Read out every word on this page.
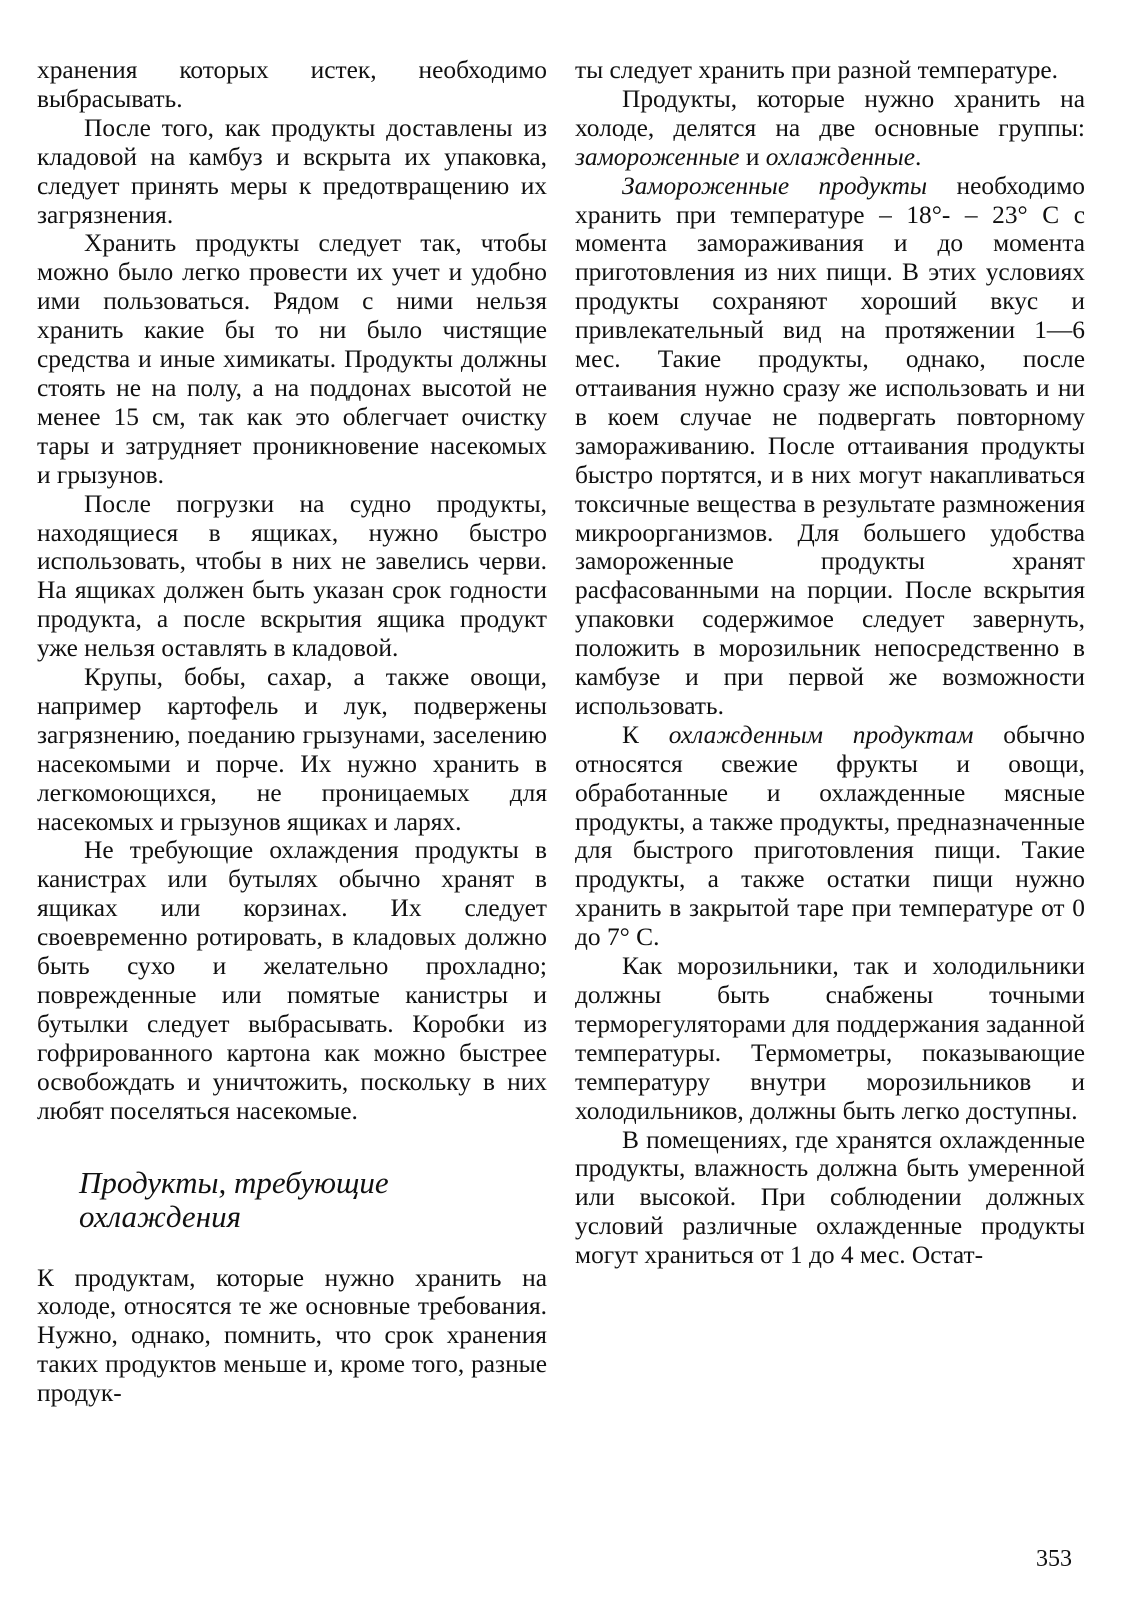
хранения которых истек, необходимо выбрасывать.

После того, как продукты доставлены из кладовой на камбуз и вскрыта их упаковка, следует принять меры к предотвращению их загрязнения.

Хранить продукты следует так, чтобы можно было легко провести их учет и удобно ими пользоваться. Рядом с ними нельзя хранить какие бы то ни было чистящие средства и иные химикаты. Продукты должны стоять не на полу, а на поддонах высотой не менее 15 см, так как это облегчает очистку тары и затрудняет проникновение насекомых и грызунов.

После погрузки на судно продукты, находящиеся в ящиках, нужно быстро использовать, чтобы в них не завелись черви. На ящиках должен быть указан срок годности продукта, а после вскрытия ящика продукт уже нельзя оставлять в кладовой.

Крупы, бобы, сахар, а также овощи, например картофель и лук, подвержены загрязнению, поеданию грызунами, заселению насекомыми и порче. Их нужно хранить в легкомоющихся, не проницаемых для насекомых и грызунов ящиках и ларях.

Не требующие охлаждения продукты в канистрах или бутылях обычно хранят в ящиках или корзинах. Их следует своевременно ротировать, в кладовых должно быть сухо и желательно прохладно; поврежденные или помятые канистры и бутылки следует выбрасывать. Коробки из гофрированного картона как можно быстрее освобождать и уничтожить, поскольку в них любят поселяться насекомые.

Продукты, требующие
охлаждения

К продуктам, которые нужно хранить на холоде, относятся те же основные требования. Нужно, однако, помнить, что срок хранения таких продуктов меньше и, кроме того, разные продук-

ты следует хранить при разной температуре.

Продукты, которые нужно хранить на холоде, делятся на две основные группы: замороженные и охлажденные.

Замороженные продукты необходимо хранить при температуре – 18°- – 23° С с момента замораживания и до момента приготовления из них пищи. В этих условиях продукты сохраняют хороший вкус и привлекательный вид на протяжении 1—6 мес. Такие продукты, однако, после оттаивания нужно сразу же использовать и ни в коем случае не подвергать повторному замораживанию. После оттаивания продукты быстро портятся, и в них могут накапливаться токсичные вещества в результате размножения микроорганизмов. Для большего удобства замороженные продукты хранят расфасованными на порции. После вскрытия упаковки содержимое следует завернуть, положить в морозильник непосредственно в камбузе и при первой же возможности использовать.

К охлажденным продуктам обычно относятся свежие фрукты и овощи, обработанные и охлажденные мясные продукты, а также продукты, предназначенные для быстрого приготовления пищи. Такие продукты, а также остатки пищи нужно хранить в закрытой таре при температуре от 0 до 7° С.

Как морозильники, так и холодильники должны быть снабжены точными терморегуляторами для поддержания заданной температуры. Термометры, показывающие температуру внутри морозильников и холодильников, должны быть легко доступны.

В помещениях, где хранятся охлажденные продукты, влажность должна быть умеренной или высокой. При соблюдении должных условий различные охлажденные продукты могут храниться от 1 до 4 мес. Остат-

353
